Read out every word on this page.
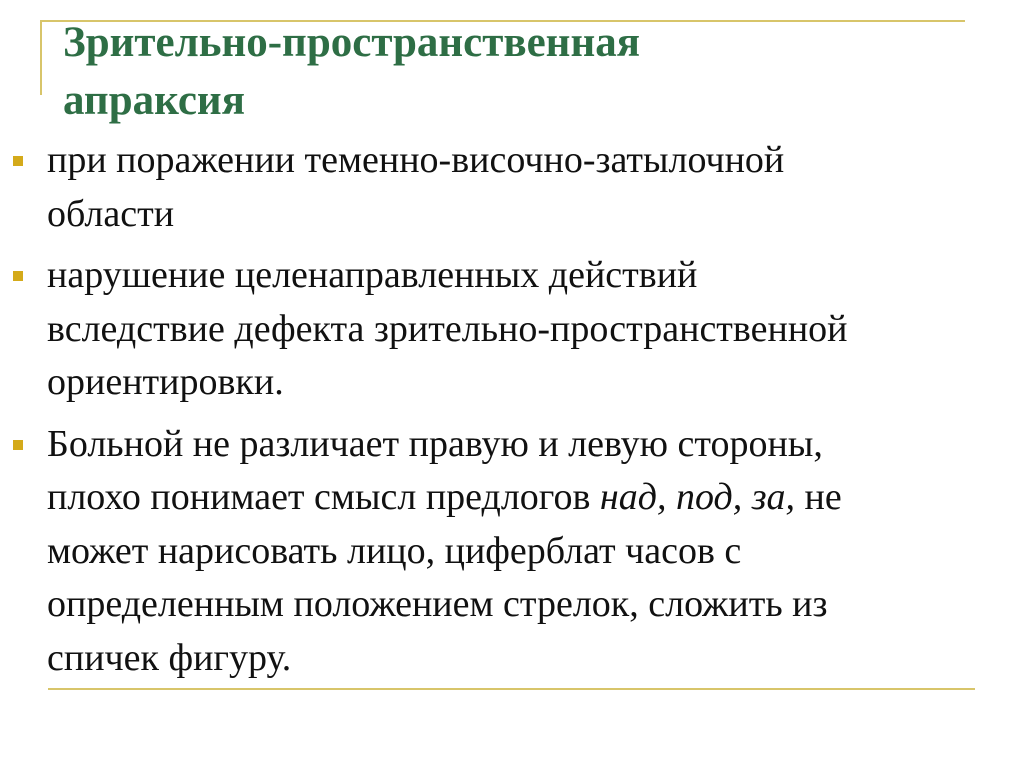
Зрительно-пространственная
апраксия
при поражении теменно-височно-затылочной
области
нарушение целенаправленных действий
вследствие дефекта зрительно-пространственной
ориентировки.
Больной не различает правую и левую стороны,
плохо понимает смысл предлогов над, под, за, не
может нарисовать лицо, циферблат часов с
определенным положением стрелок, сложить из
спичек фигуру.
